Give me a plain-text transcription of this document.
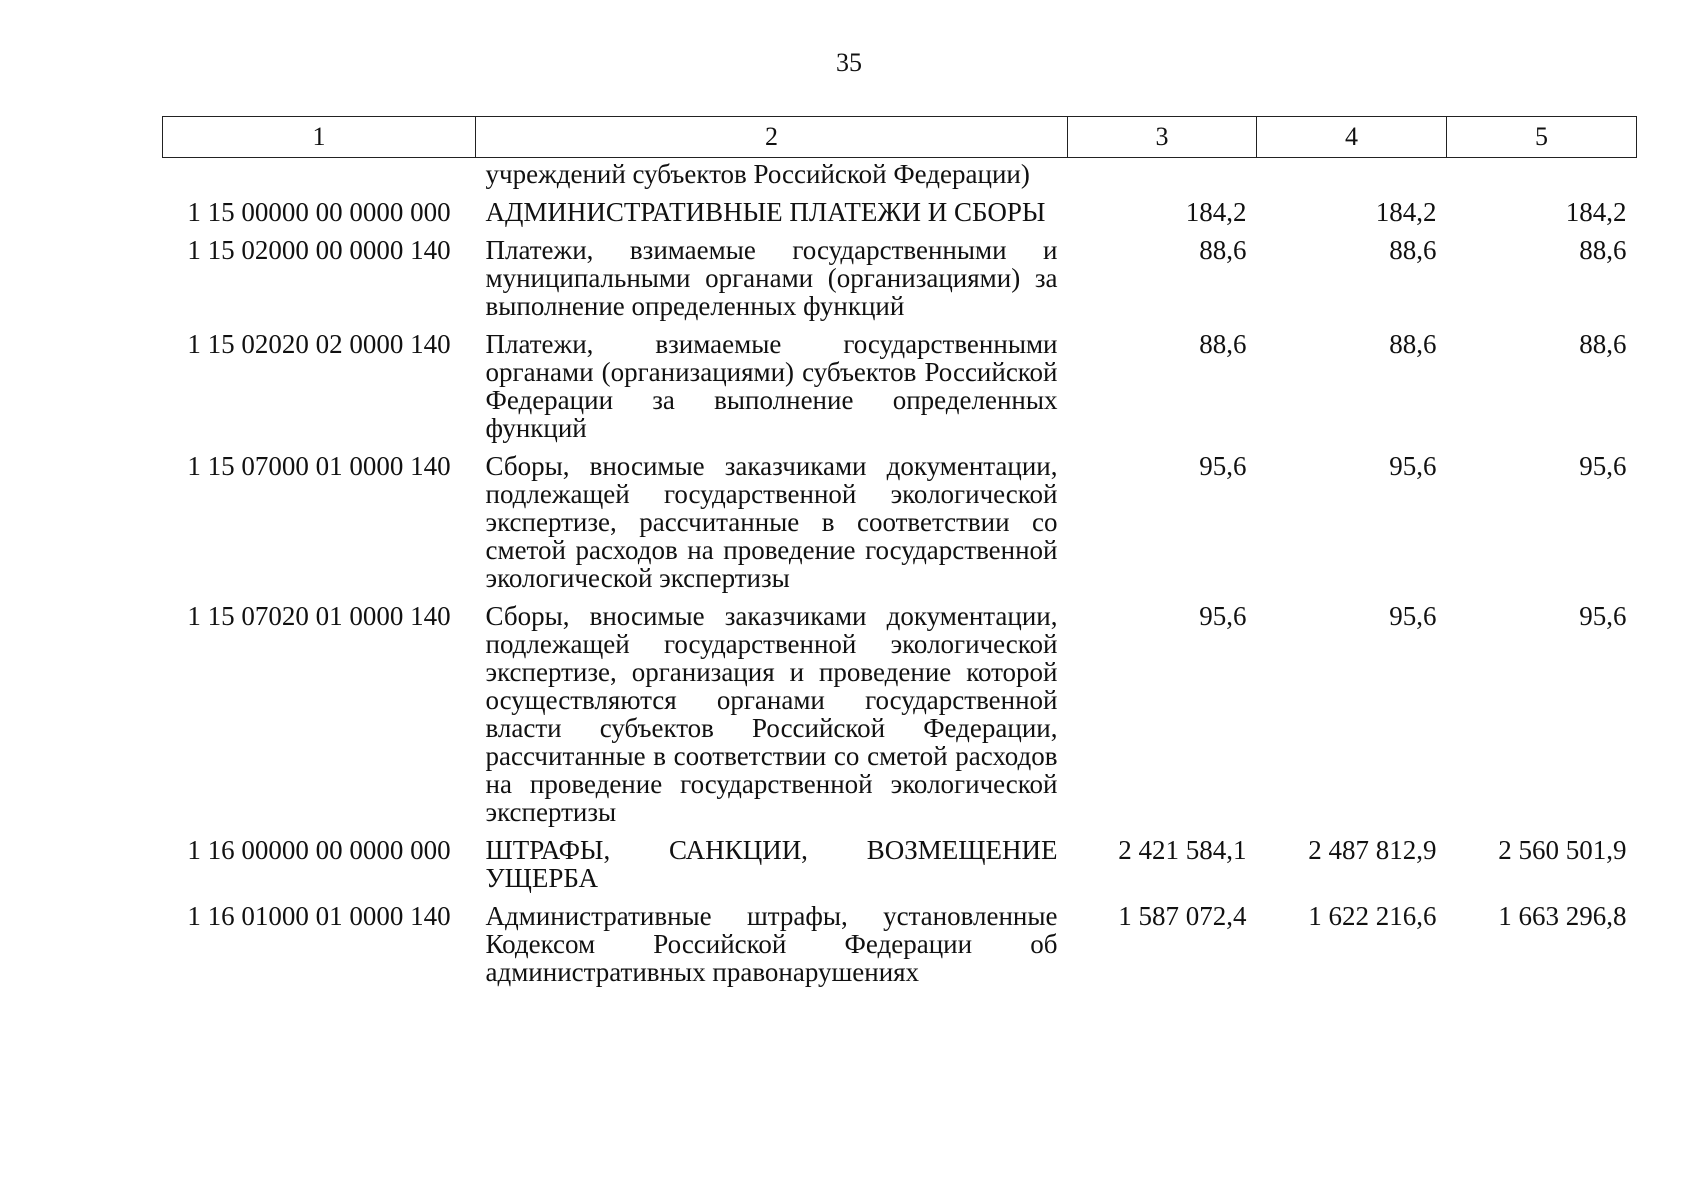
35
1	2	3	4	5
	учреждений субъектов Российской Федерации)			
1 15 00000 00 0000 000	АДМИНИСТРАТИВНЫЕ ПЛАТЕЖИ И СБОРЫ	184,2	184,2	184,2
1 15 02000 00 0000 140	Платежи, взимаемые государственными и муниципальными органами (организациями) за выполнение определенных функций	88,6	88,6	88,6
1 15 02020 02 0000 140	Платежи, взимаемые государственными органами (организациями) субъектов Российской Федерации за выполнение определенных функций	88,6	88,6	88,6
1 15 07000 01 0000 140	Сборы, вносимые заказчиками документации, подлежащей государственной экологической экспертизе, рассчитанные в соответствии со сметой расходов на проведение государственной экологической экспертизы	95,6	95,6	95,6
1 15 07020 01 0000 140	Сборы, вносимые заказчиками документации, подлежащей государственной экологической экспертизе, организация и проведение которой осуществляются органами государственной власти субъектов Российской Федерации, рассчитанные в соответствии со сметой расходов на проведение государственной экологической экспертизы	95,6	95,6	95,6
1 16 00000 00 0000 000	ШТРАФЫ, САНКЦИИ, ВОЗМЕЩЕНИЕ УЩЕРБА	2 421 584,1	2 487 812,9	2 560 501,9
1 16 01000 01 0000 140	Административные штрафы, установленные Кодексом Российской Федерации об административных правонарушениях	1 587 072,4	1 622 216,6	1 663 296,8
